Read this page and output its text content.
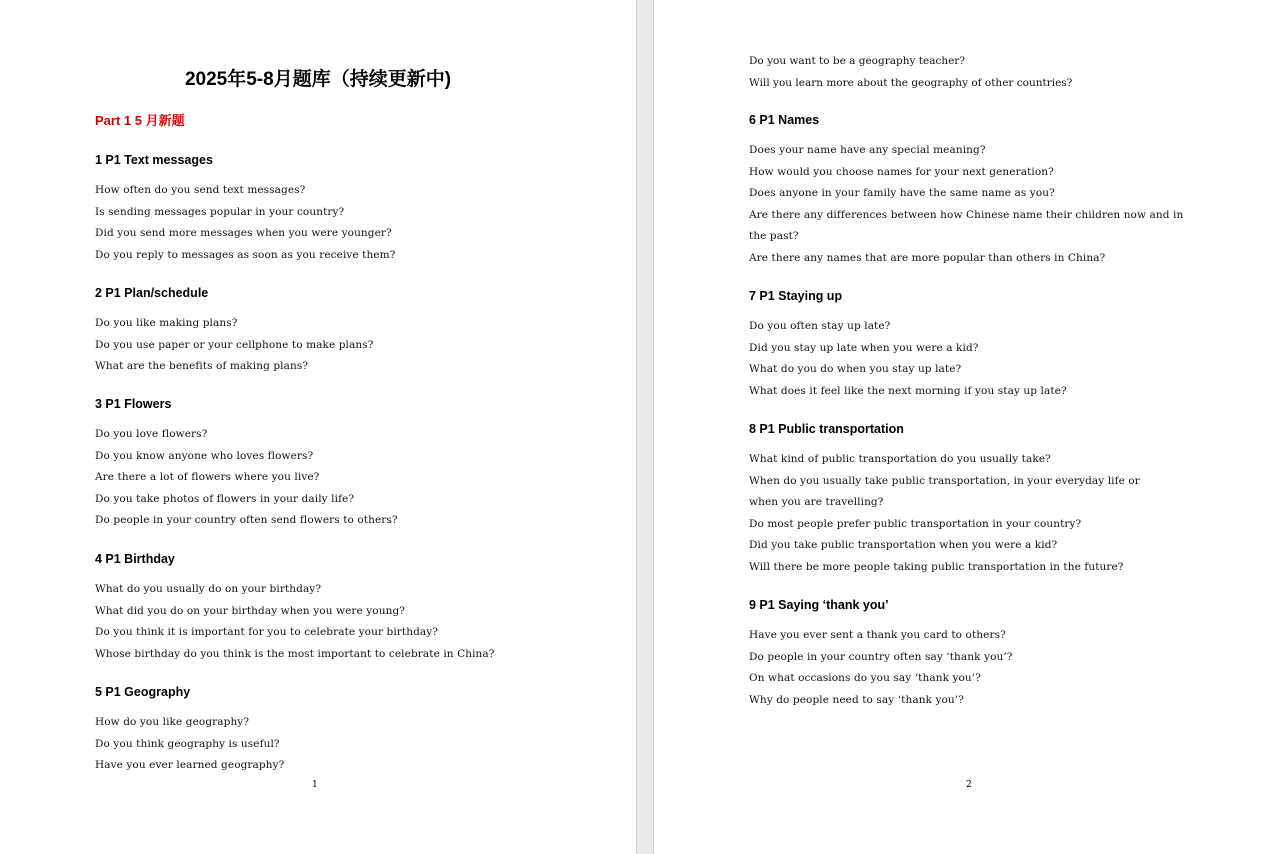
2025年5-8月题库（持续更新中)
Part 1 5 月新题
1 P1 Text messages
How often do you send text messages?
Is sending messages popular in your country?
Did you send more messages when you were younger?
Do you reply to messages as soon as you receive them?
2 P1 Plan/schedule
Do you like making plans?
Do you use paper or your cellphone to make plans?
What are the benefits of making plans?
3 P1 Flowers
Do you love flowers?
Do you know anyone who loves flowers?
Are there a lot of flowers where you live?
Do you take photos of flowers in your daily life?
Do people in your country often send flowers to others?
4 P1 Birthday
What do you usually do on your birthday?
What did you do on your birthday when you were young?
Do you think it is important for you to celebrate your birthday?
Whose birthday do you think is the most important to celebrate in China?
5 P1 Geography
How do you like geography?
Do you think geography is useful?
Have you ever learned geography?
1
Do you want to be a geography teacher?
Will you learn more about the geography of other countries?
6 P1 Names
Does your name have any special meaning?
How would you choose names for your next generation?
Does anyone in your family have the same name as you?
Are there any differences between how Chinese name their children now and in
the past?
Are there any names that are more popular than others in China?
7 P1 Staying up
Do you often stay up late?
Did you stay up late when you were a kid?
What do you do when you stay up late?
What does it feel like the next morning if you stay up late?
8 P1 Public transportation
What kind of public transportation do you usually take?
When do you usually take public transportation, in your everyday life or
when you are travelling?
Do most people prefer public transportation in your country?
Did you take public transportation when you were a kid?
Will there be more people taking public transportation in the future?
9 P1 Saying ‘thank you’
Have you ever sent a thank you card to others?
Do people in your country often say ‘thank you’?
On what occasions do you say ‘thank you’?
Why do people need to say ‘thank you’?
2
